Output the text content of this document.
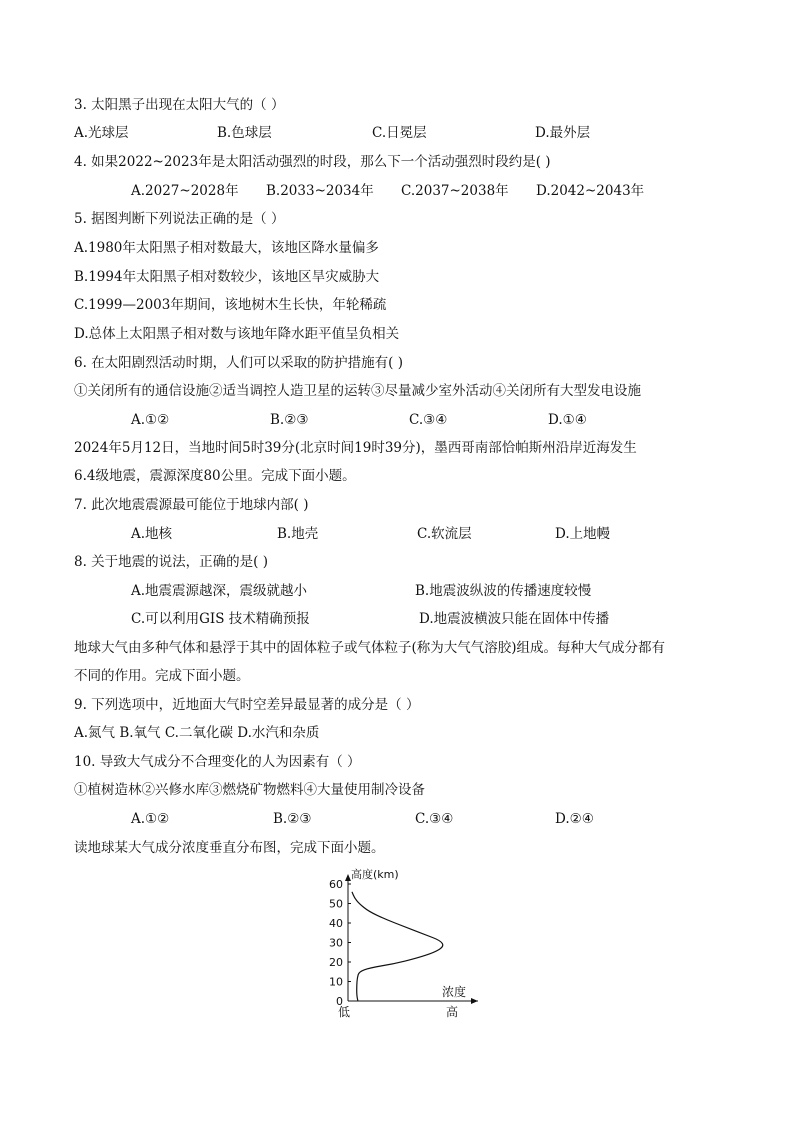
3. 太阳黑子出现在太阳大气的（ ）
A.光球层	B.色球层	C.日冕层	D.最外层
4. 如果2022~2023年是太阳活动强烈的时段，那么下一个活动强烈时段约是( )
A.2027~2028年 B.2033~2034年 C.2037~2038年 D.2042~2043年
5. 据图判断下列说法正确的是（ ）
A.1980年太阳黑子相对数最大，该地区降水量偏多
B.1994年太阳黑子相对数较少，该地区旱灾威胁大
C.1999—2003年期间，该地树木生长快，年轮稀疏
D.总体上太阳黑子相对数与该地年降水距平值呈负相关
6. 在太阳剧烈活动时期，人们可以采取的防护措施有( )
①关闭所有的通信设施②适当调控人造卫星的运转③尽量减少室外活动④关闭所有大型发电设施
A.①②	B.②③	C.③④	D.①④
2024年5月12日，当地时间5时39分(北京时间19时39分)，墨西哥南部恰帕斯州沿岸近海发生
6.4级地震，震源深度80公里。完成下面小题。
7. 此次地震震源最可能位于地球内部( )
A.地核	B.地壳	C.软流层	D.上地幔
8. 关于地震的说法，正确的是( )
A.地震震源越深，震级就越小	B.地震波纵波的传播速度较慢
C.可以利用GIS 技术精确预报	D.地震波横波只能在固体中传播
地球大气由多种气体和悬浮于其中的固体粒子或气体粒子(称为大气气溶胶)组成。每种大气成分都有
不同的作用。完成下面小题。
9. 下列选项中，近地面大气时空差异最显著的成分是（ ）
A.氮气 B.氧气 C.二氧化碳 D.水汽和杂质
10. 导致大气成分不合理变化的人为因素有（ ）
①植树造林②兴修水库③燃烧矿物燃料④大量使用制冷设备
A.①②	B.②③	C.③④	D.②④
读地球某大气成分浓度垂直分布图，完成下面小题。
0
10
20
30
40
50
60
高度(km)
浓度
低	高
